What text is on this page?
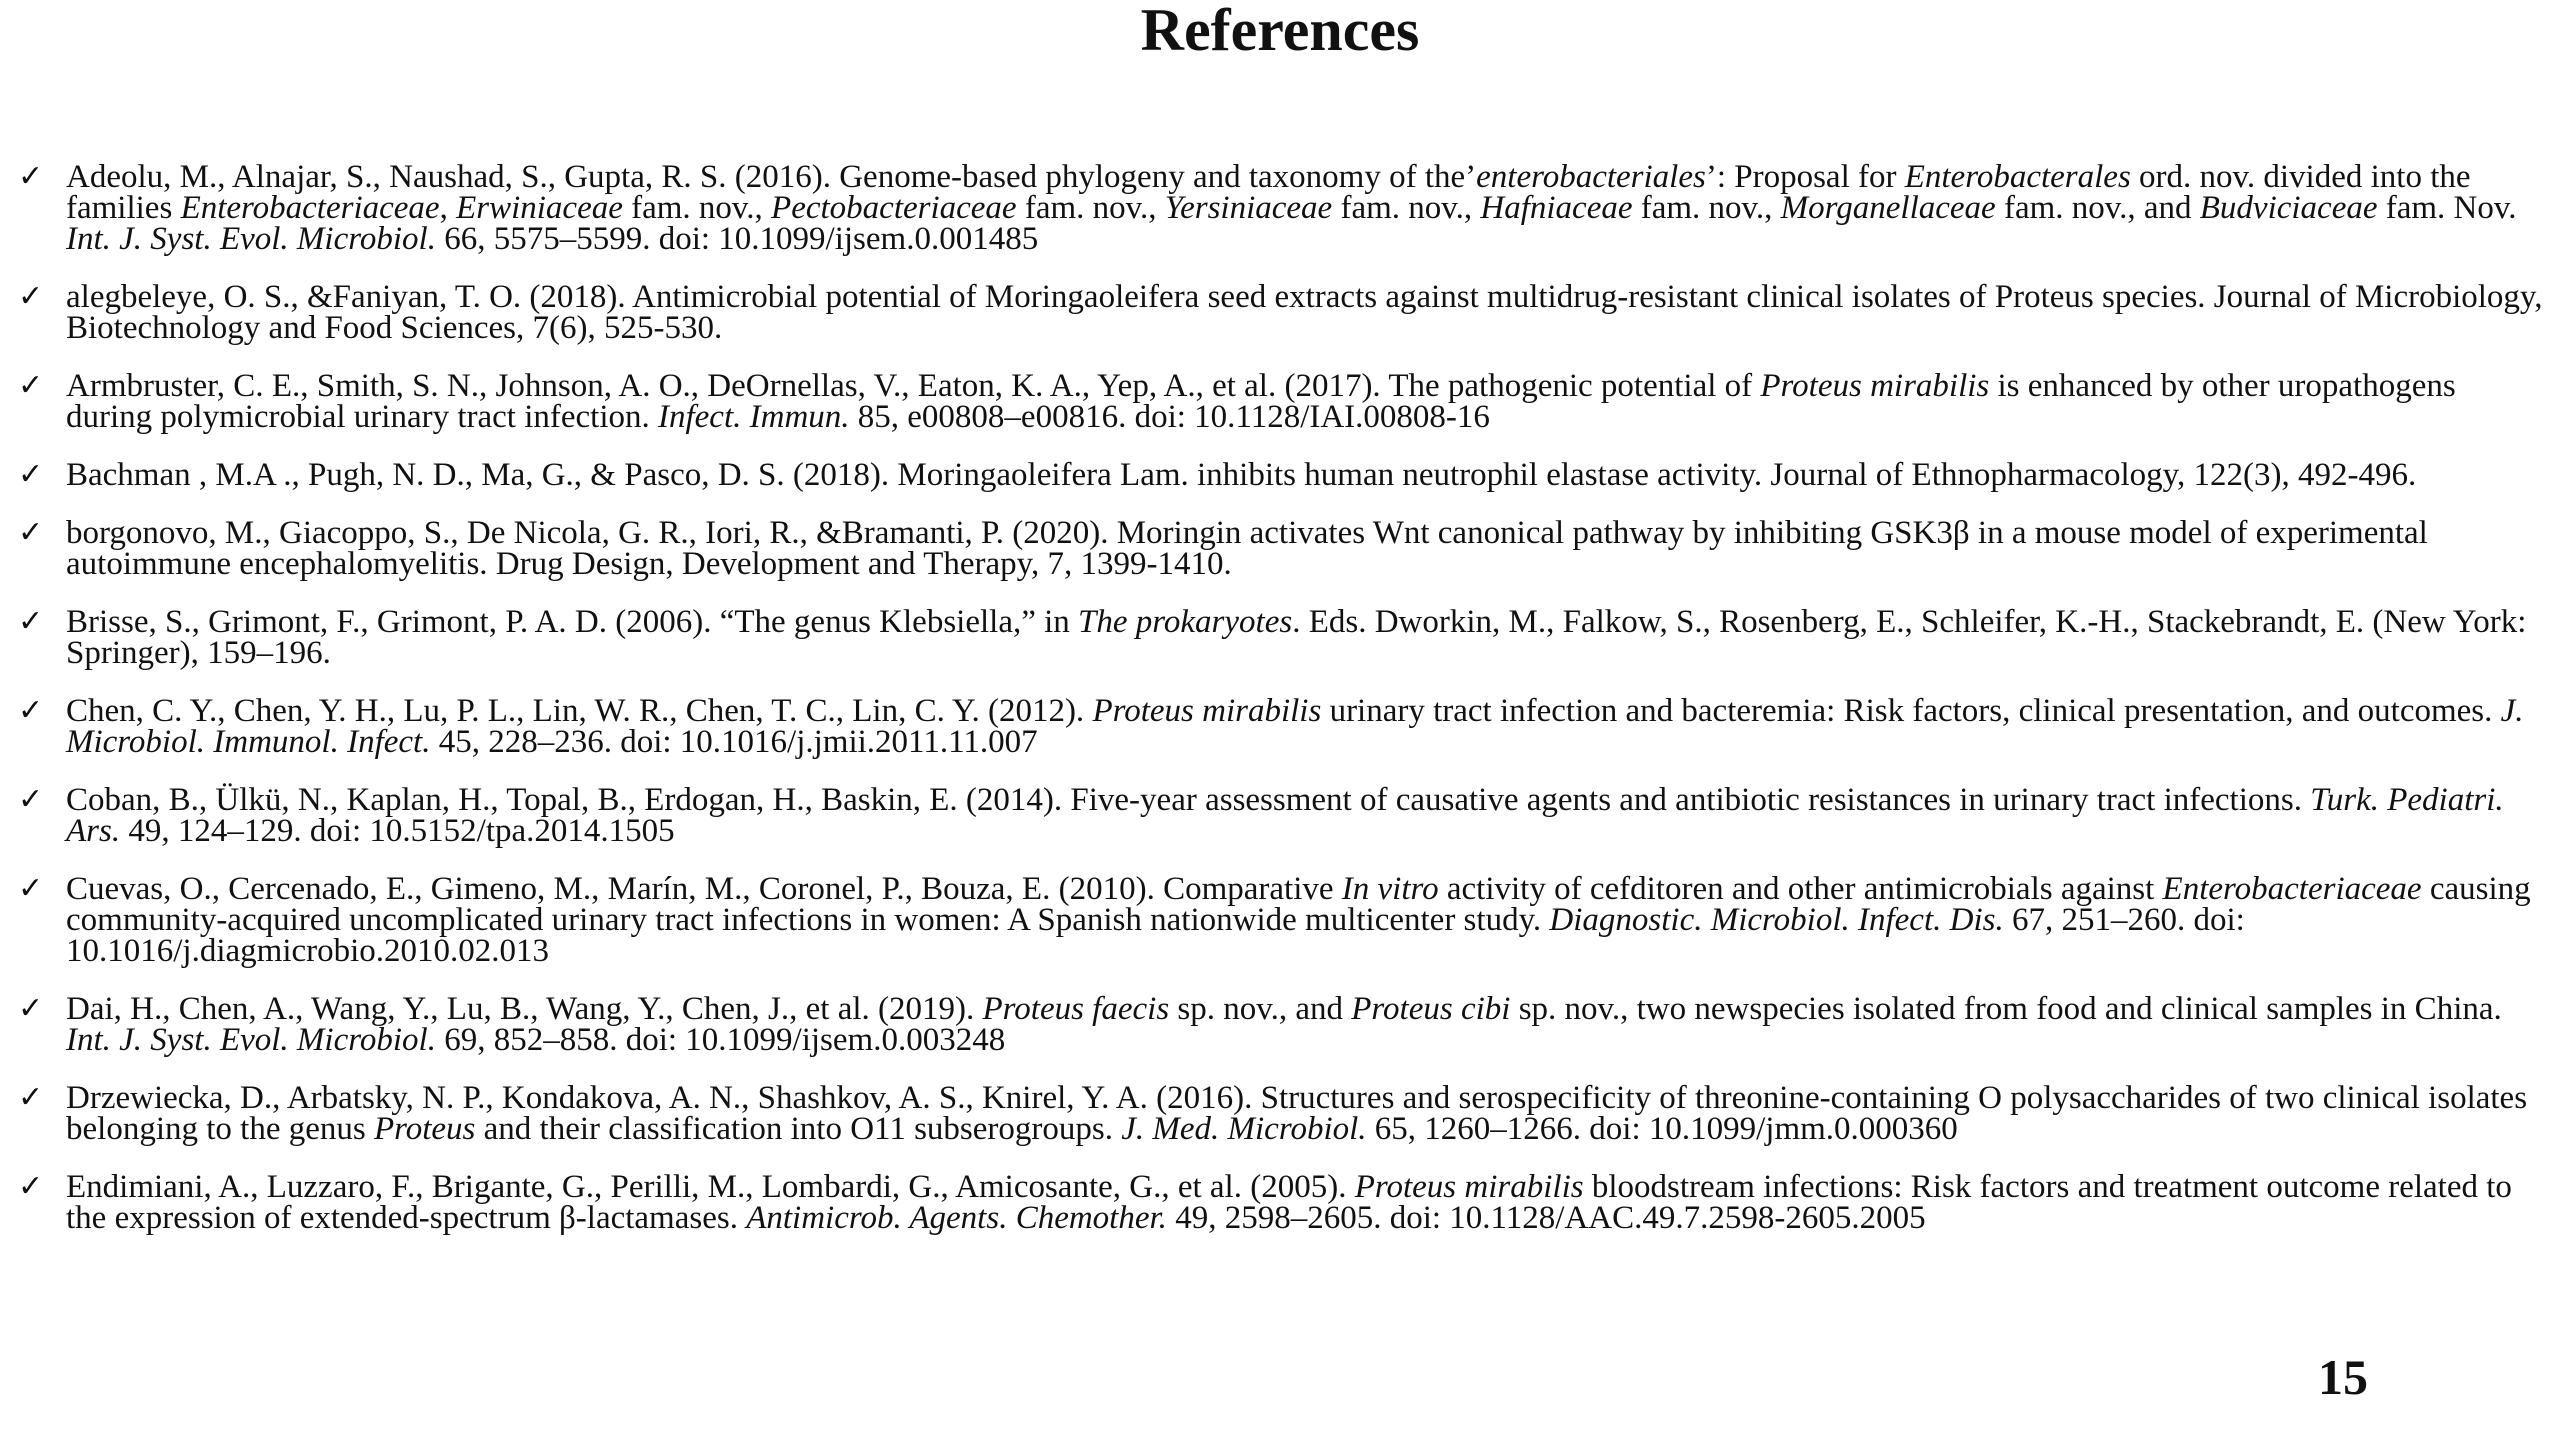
References
✓ Adeolu, M., Alnajar, S., Naushad, S., Gupta, R. S. (2016). Genome-based phylogeny and taxonomy of the’enterobacteriales’: Proposal for Enterobacterales ord. nov. divided into the families Enterobacteriaceae, Erwiniaceae fam. nov., Pectobacteriaceae fam. nov., Yersiniaceae fam. nov., Hafniaceae fam. nov., Morganellaceae fam. nov., and Budviciaceae fam. Nov. Int. J. Syst. Evol. Microbiol. 66, 5575–5599. doi: 10.1099/ijsem.0.001485
✓ alegbeleye, O. S., &Faniyan, T. O. (2018). Antimicrobial potential of Moringaoleifera seed extracts against multidrug-resistant clinical isolates of Proteus species. Journal of Microbiology, Biotechnology and Food Sciences, 7(6), 525-530.
✓ Armbruster, C. E., Smith, S. N., Johnson, A. O., DeOrnellas, V., Eaton, K. A., Yep, A., et al. (2017). The pathogenic potential of Proteus mirabilis is enhanced by other uropathogens during polymicrobial urinary tract infection. Infect. Immun. 85, e00808–e00816. doi: 10.1128/IAI.00808-16
✓ Bachman , M.A ., Pugh, N. D., Ma, G., & Pasco, D. S. (2018). Moringaoleifera Lam. inhibits human neutrophil elastase activity. Journal of Ethnopharmacology, 122(3), 492-496.
✓ borgonovo, M., Giacoppo, S., De Nicola, G. R., Iori, R., &Bramanti, P. (2020). Moringin activates Wnt canonical pathway by inhibiting GSK3β in a mouse model of experimental autoimmune encephalomyelitis. Drug Design, Development and Therapy, 7, 1399-1410.
✓ Brisse, S., Grimont, F., Grimont, P. A. D. (2006). “The genus Klebsiella,” in The prokaryotes. Eds. Dworkin, M., Falkow, S., Rosenberg, E., Schleifer, K.-H., Stackebrandt, E. (New York: Springer), 159–196.
✓ Chen, C. Y., Chen, Y. H., Lu, P. L., Lin, W. R., Chen, T. C., Lin, C. Y. (2012). Proteus mirabilis urinary tract infection and bacteremia: Risk factors, clinical presentation, and outcomes. J. Microbiol. Immunol. Infect. 45, 228–236. doi: 10.1016/j.jmii.2011.11.007
✓ Coban, B., Ülkü, N., Kaplan, H., Topal, B., Erdogan, H., Baskin, E. (2014). Five-year assessment of causative agents and antibiotic resistances in urinary tract infections. Turk. Pediatri. Ars. 49, 124–129. doi: 10.5152/tpa.2014.1505
✓ Cuevas, O., Cercenado, E., Gimeno, M., Marín, M., Coronel, P., Bouza, E. (2010). Comparative In vitro activity of cefditoren and other antimicrobials against Enterobacteriaceae causing community-acquired uncomplicated urinary tract infections in women: A Spanish nationwide multicenter study. Diagnostic. Microbiol. Infect. Dis. 67, 251–260. doi: 10.1016/j.diagmicrobio.2010.02.013
✓ Dai, H., Chen, A., Wang, Y., Lu, B., Wang, Y., Chen, J., et al. (2019). Proteus faecis sp. nov., and Proteus cibi sp. nov., two newspecies isolated from food and clinical samples in China. Int. J. Syst. Evol. Microbiol. 69, 852–858. doi: 10.1099/ijsem.0.003248
✓ Drzewiecka, D., Arbatsky, N. P., Kondakova, A. N., Shashkov, A. S., Knirel, Y. A. (2016). Structures and serospecificity of threonine-containing O polysaccharides of two clinical isolates belonging to the genus Proteus and their classification into O11 subserogroups. J. Med. Microbiol. 65, 1260–1266. doi: 10.1099/jmm.0.000360
✓ Endimiani, A., Luzzaro, F., Brigante, G., Perilli, M., Lombardi, G., Amicosante, G., et al. (2005). Proteus mirabilis bloodstream infections: Risk factors and treatment outcome related to the expression of extended-spectrum β-lactamases. Antimicrob. Agents. Chemother. 49, 2598–2605. doi: 10.1128/AAC.49.7.2598-2605.2005
15
